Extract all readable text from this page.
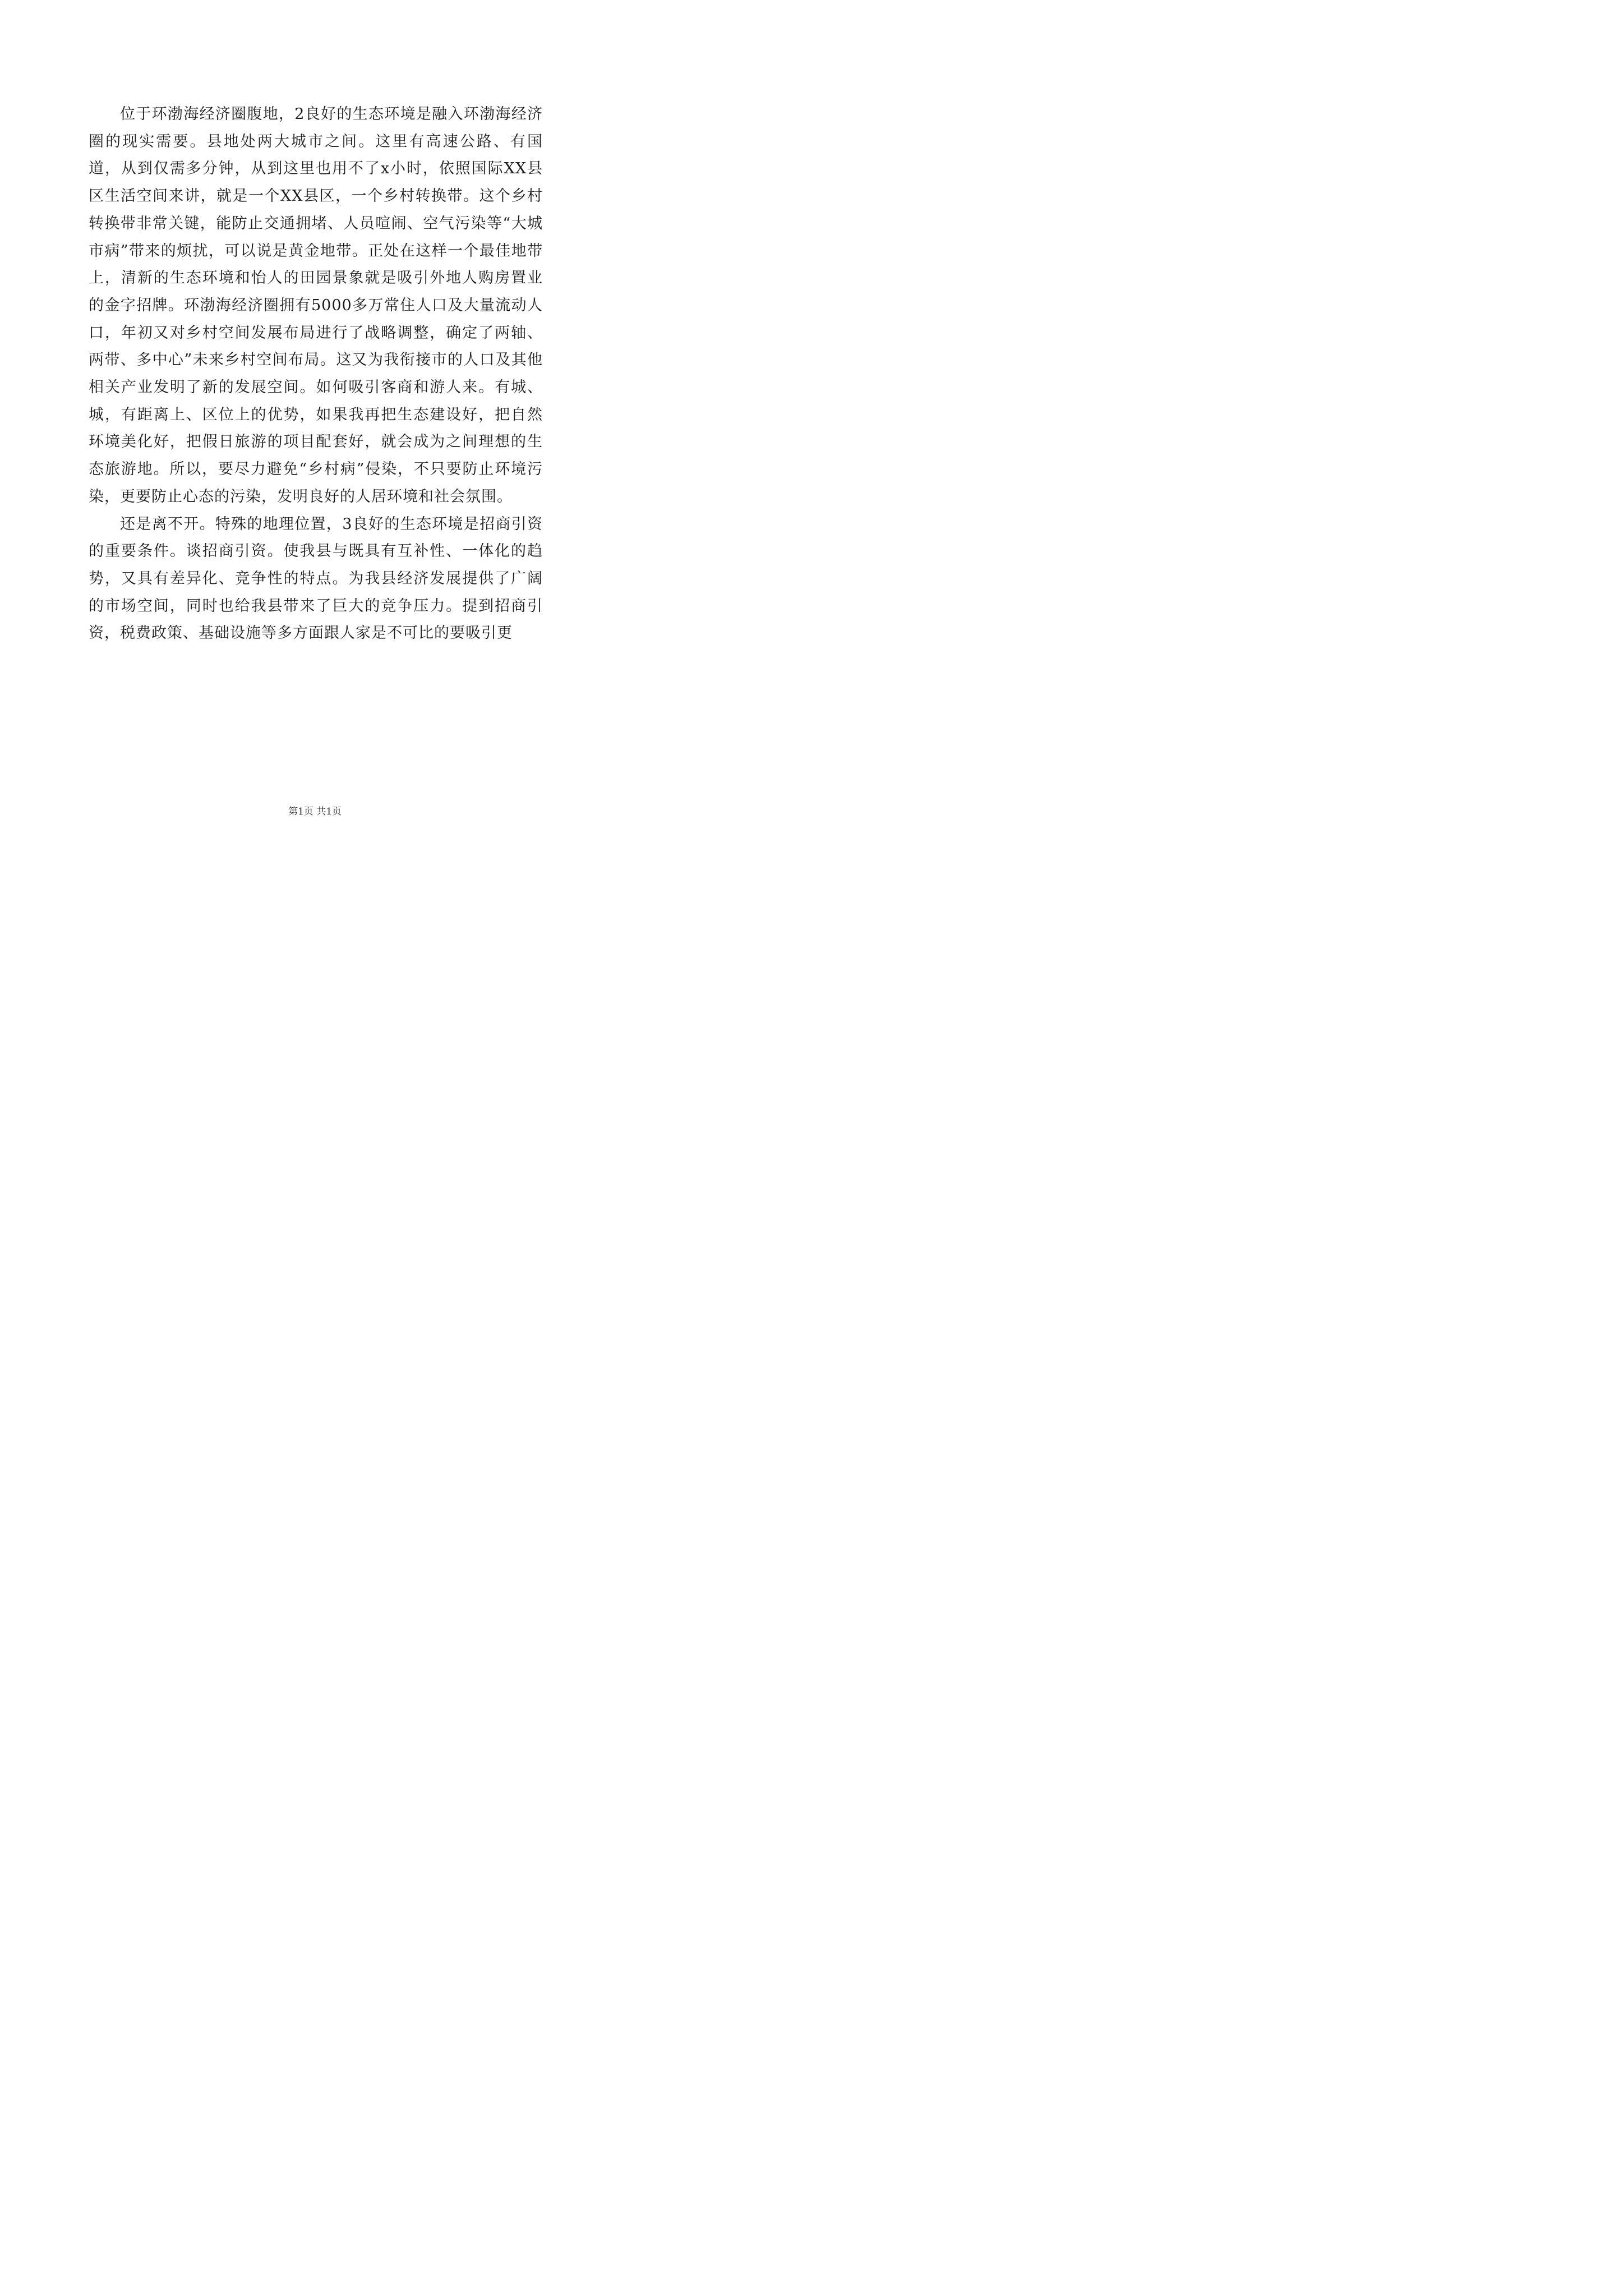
位于环渤海经济圈腹地，2良好的生态环境是融入环渤海经济圈的现实需要。县地处两大城市之间。这里有高速公路、有国道，从到仅需多分钟，从到这里也用不了x小时，依照国际XX县区生活空间来讲，就是一个XX县区，一个乡村转换带。这个乡村转换带非常关键，能防止交通拥堵、人员喧闹、空气污染等“大城市病”带来的烦扰，可以说是黄金地带。正处在这样一个最佳地带上，清新的生态环境和怡人的田园景象就是吸引外地人购房置业的金字招牌。环渤海经济圈拥有5000多万常住人口及大量流动人口，年初又对乡村空间发展布局进行了战略调整，确定了两轴、两带、多中心”未来乡村空间布局。这又为我衔接市的人口及其他相关产业发明了新的发展空间。如何吸引客商和游人来。有城、城，有距离上、区位上的优势，如果我再把生态建设好，把自然环境美化好，把假日旅游的项目配套好，就会成为之间理想的生态旅游地。所以，要尽力避免“乡村病”侵染，不只要防止环境污染，更要防止心态的污染，发明良好的人居环境和社会氛围。

还是离不开。特殊的地理位置，3良好的生态环境是招商引资的重要条件。谈招商引资。使我县与既具有互补性、一体化的趋势，又具有差异化、竞争性的特点。为我县经济发展提供了广阔的市场空间，同时也给我县带来了巨大的竞争压力。提到招商引资，税费政策、基础设施等多方面跟人家是不可比的要吸引更

第1页 共1页
